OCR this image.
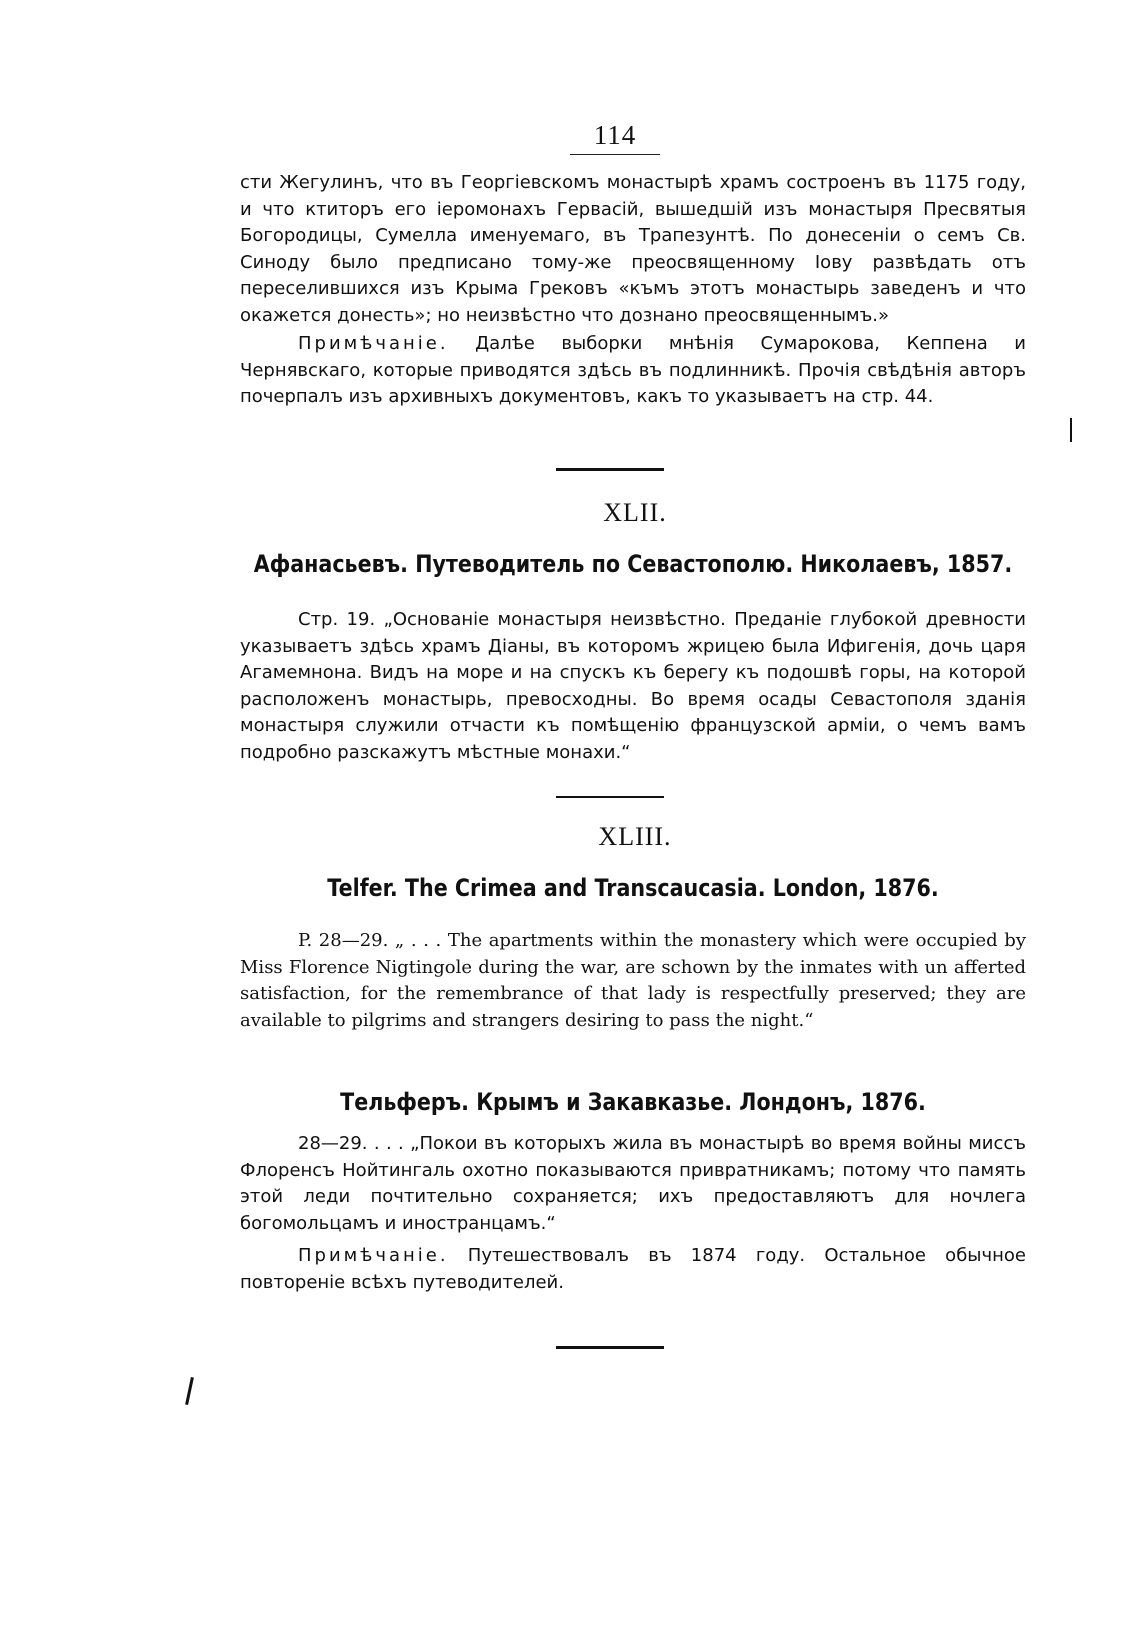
114

сти Жегулинъ, что въ Георгіевскомъ монастырѣ храмъ состроенъ въ 1175 году, и что ктиторъ его іеромонахъ Гервасій, вышедшій изъ монастыря Пресвятыя Богородицы, Сумелла именуемаго, въ Трапезунтѣ. По донесеніи о семъ Св. Синоду было предписано тому-же преосвященному Іову развѣдать отъ переселившихся изъ Крыма Грековъ «къмъ этотъ монастырь заведенъ и что окажется донесть»; но неизвѣстно что дознано преосвященнымъ.»

Примѣчаніе. Далѣе выборки мнѣнія Сумарокова, Кеппена и Чернявскаго, которые приводятся здѣсь въ подлинникѣ. Прочія свѣдѣнія авторъ почерпалъ изъ архивныхъ документовъ, какъ то указываетъ на стр. 44.

XLII.
Афанасьевъ. Путеводитель по Севастополю. Николаевъ, 1857.

Стр. 19. „Основаніе монастыря неизвѣстно. Преданіе глубокой древности указываетъ здѣсь храмъ Діаны, въ которомъ жрицею была Ифигенія, дочь царя Агамемнона. Видъ на море и на спускъ къ берегу къ подошвѣ горы, на которой расположенъ монастырь, превосходны. Во время осады Севастополя зданія монастыря служили отчасти къ помѣщенію французской арміи, о чемъ вамъ подробно разскажутъ мѣстные монахи.“

XLIII.
Telfer. The Crimea and Transcaucasia. London, 1876.

P. 28—29. „ . . . The apartments within the monastery which were occupied by Miss Florence Nigtingole during the war, are schown by the inmates with un afferted satisfaction, for the remembrance of that lady is respectfully preserved; they are available to pilgrims and strangers desiring to pass the night.“

Тельферъ. Крымъ и Закавказье. Лондонъ, 1876.

28—29. . . . „Покои въ которыхъ жила въ монастырѣ во время войны миссъ Флоренсъ Нойтингаль охотно показываются привратникамъ; потому что память этой леди почтительно сохраняется; ихъ предоставляютъ для ночлега богомольцамъ и иностранцамъ.“

Примѣчаніе. Путешествовалъ въ 1874 году. Остальное обычное повтореніе всѣхъ путеводителей.
